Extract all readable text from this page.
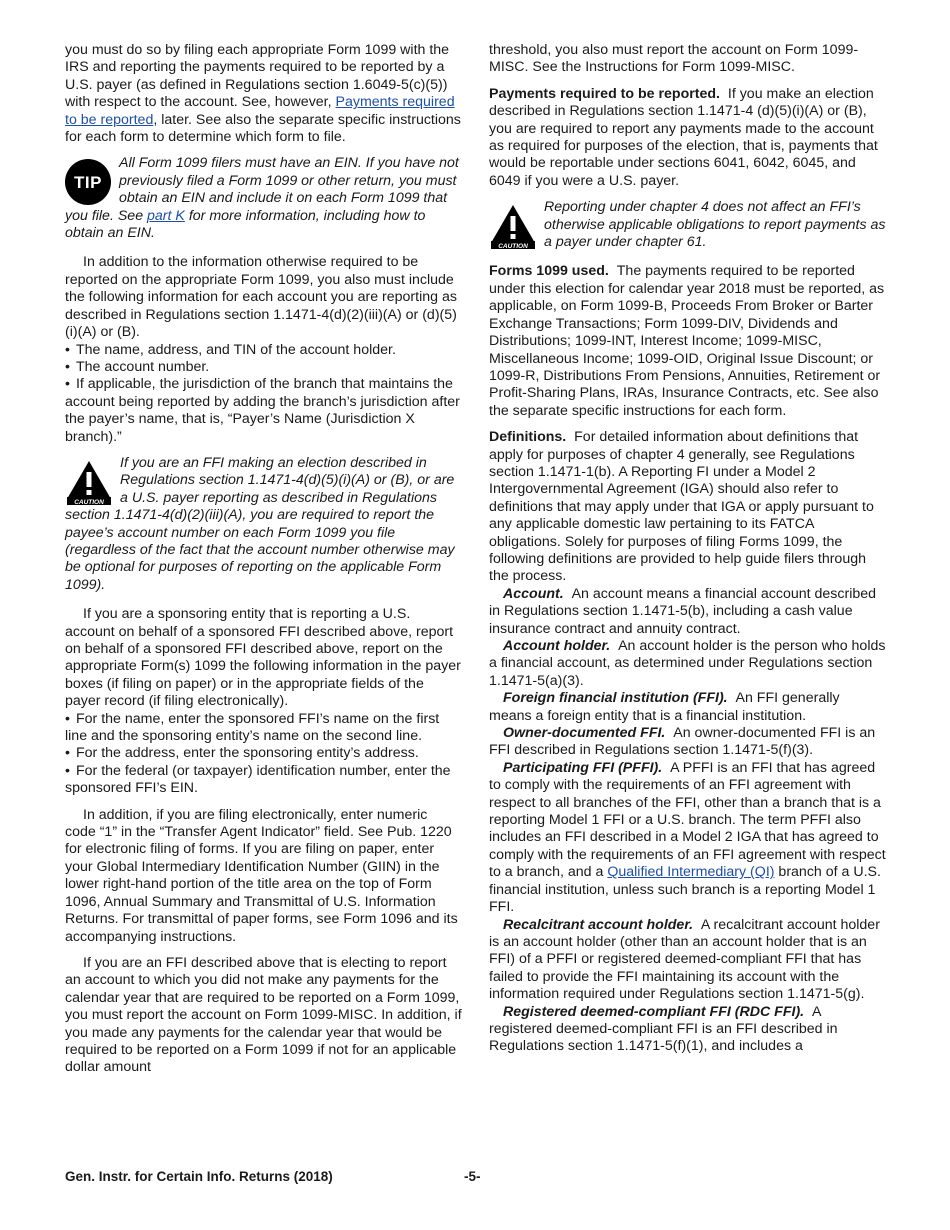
you must do so by filing each appropriate Form 1099 with the IRS and reporting the payments required to be reported by a U.S. payer (as defined in Regulations section 1.6049-5(c)(5)) with respect to the account. See, however, Payments required to be reported, later. See also the separate specific instructions for each form to determine which form to file.

TIP
All Form 1099 filers must have an EIN. If you have not previously filed a Form 1099 or other return, you must obtain an EIN and include it on each Form 1099 that you file. See part K for more information, including how to obtain an EIN.

In addition to the information otherwise required to be reported on the appropriate Form 1099, you also must include the following information for each account you are reporting as described in Regulations section 1.1471-4(d)(2)(iii)(A) or (d)(5)(i)(A) or (B).

• The name, address, and TIN of the account holder.

• The account number.

• If applicable, the jurisdiction of the branch that maintains the account being reported by adding the branch’s jurisdiction after the payer’s name, that is, “Payer’s Name (Jurisdiction X branch).”

CAUTION
If you are an FFI making an election described in Regulations section 1.1471-4(d)(5)(i)(A) or (B), or are a U.S. payer reporting as described in Regulations section 1.1471-4(d)(2)(iii)(A), you are required to report the payee’s account number on each Form 1099 you file (regardless of the fact that the account number otherwise may be optional for purposes of reporting on the applicable Form 1099).

If you are a sponsoring entity that is reporting a U.S. account on behalf of a sponsored FFI described above, report on behalf of a sponsored FFI described above, report on the appropriate Form(s) 1099 the following information in the payer boxes (if filing on paper) or in the appropriate fields of the payer record (if filing electronically).

• For the name, enter the sponsored FFI’s name on the first line and the sponsoring entity’s name on the second line.

• For the address, enter the sponsoring entity’s address.

• For the federal (or taxpayer) identification number, enter the sponsored FFI’s EIN.

In addition, if you are filing electronically, enter numeric code “1” in the “Transfer Agent Indicator” field. See Pub. 1220 for electronic filing of forms. If you are filing on paper, enter your Global Intermediary Identification Number (GIIN) in the lower right-hand portion of the title area on the top of Form 1096, Annual Summary and Transmittal of U.S. Information Returns. For transmittal of paper forms, see Form 1096 and its accompanying instructions.

If you are an FFI described above that is electing to report an account to which you did not make any payments for the calendar year that are required to be reported on a Form 1099, you must report the account on Form 1099-MISC. In addition, if you made any payments for the calendar year that would be required to be reported on a Form 1099 if not for an applicable dollar amount

threshold, you also must report the account on Form 1099-MISC. See the Instructions for Form 1099-MISC.

Payments required to be reported. If you make an election described in Regulations section 1.1471-4 (d)(5)(i)(A) or (B), you are required to report any payments made to the account as required for purposes of the election, that is, payments that would be reportable under sections 6041, 6042, 6045, and 6049 if you were a U.S. payer.

CAUTION
Reporting under chapter 4 does not affect an FFI’s otherwise applicable obligations to report payments as a payer under chapter 61.

Forms 1099 used. The payments required to be reported under this election for calendar year 2018 must be reported, as applicable, on Form 1099-B, Proceeds From Broker or Barter Exchange Transactions; Form 1099-DIV, Dividends and Distributions; 1099-INT, Interest Income; 1099-MISC, Miscellaneous Income; 1099-OID, Original Issue Discount; or 1099-R, Distributions From Pensions, Annuities, Retirement or Profit-Sharing Plans, IRAs, Insurance Contracts, etc. See also the separate specific instructions for each form.

Definitions. For detailed information about definitions that apply for purposes of chapter 4 generally, see Regulations section 1.1471-1(b). A Reporting FI under a Model 2 Intergovernmental Agreement (IGA) should also refer to definitions that may apply under that IGA or apply pursuant to any applicable domestic law pertaining to its FATCA obligations. Solely for purposes of filing Forms 1099, the following definitions are provided to help guide filers through the process.

Account. An account means a financial account described in Regulations section 1.1471-5(b), including a cash value insurance contract and annuity contract.

Account holder. An account holder is the person who holds a financial account, as determined under Regulations section 1.1471-5(a)(3).

Foreign financial institution (FFI). An FFI generally means a foreign entity that is a financial institution.

Owner-documented FFI. An owner-documented FFI is an FFI described in Regulations section 1.1471-5(f)(3).

Participating FFI (PFFI). A PFFI is an FFI that has agreed to comply with the requirements of an FFI agreement with respect to all branches of the FFI, other than a branch that is a reporting Model 1 FFI or a U.S. branch. The term PFFI also includes an FFI described in a Model 2 IGA that has agreed to comply with the requirements of an FFI agreement with respect to a branch, and a Qualified Intermediary (QI) branch of a U.S. financial institution, unless such branch is a reporting Model 1 FFI.

Recalcitrant account holder. A recalcitrant account holder is an account holder (other than an account holder that is an FFI) of a PFFI or registered deemed-compliant FFI that has failed to provide the FFI maintaining its account with the information required under Regulations section 1.1471-5(g).

Registered deemed-compliant FFI (RDC FFI). A registered deemed-compliant FFI is an FFI described in Regulations section 1.1471-5(f)(1), and includes a

Gen. Instr. for Certain Info. Returns (2018)	-5-
